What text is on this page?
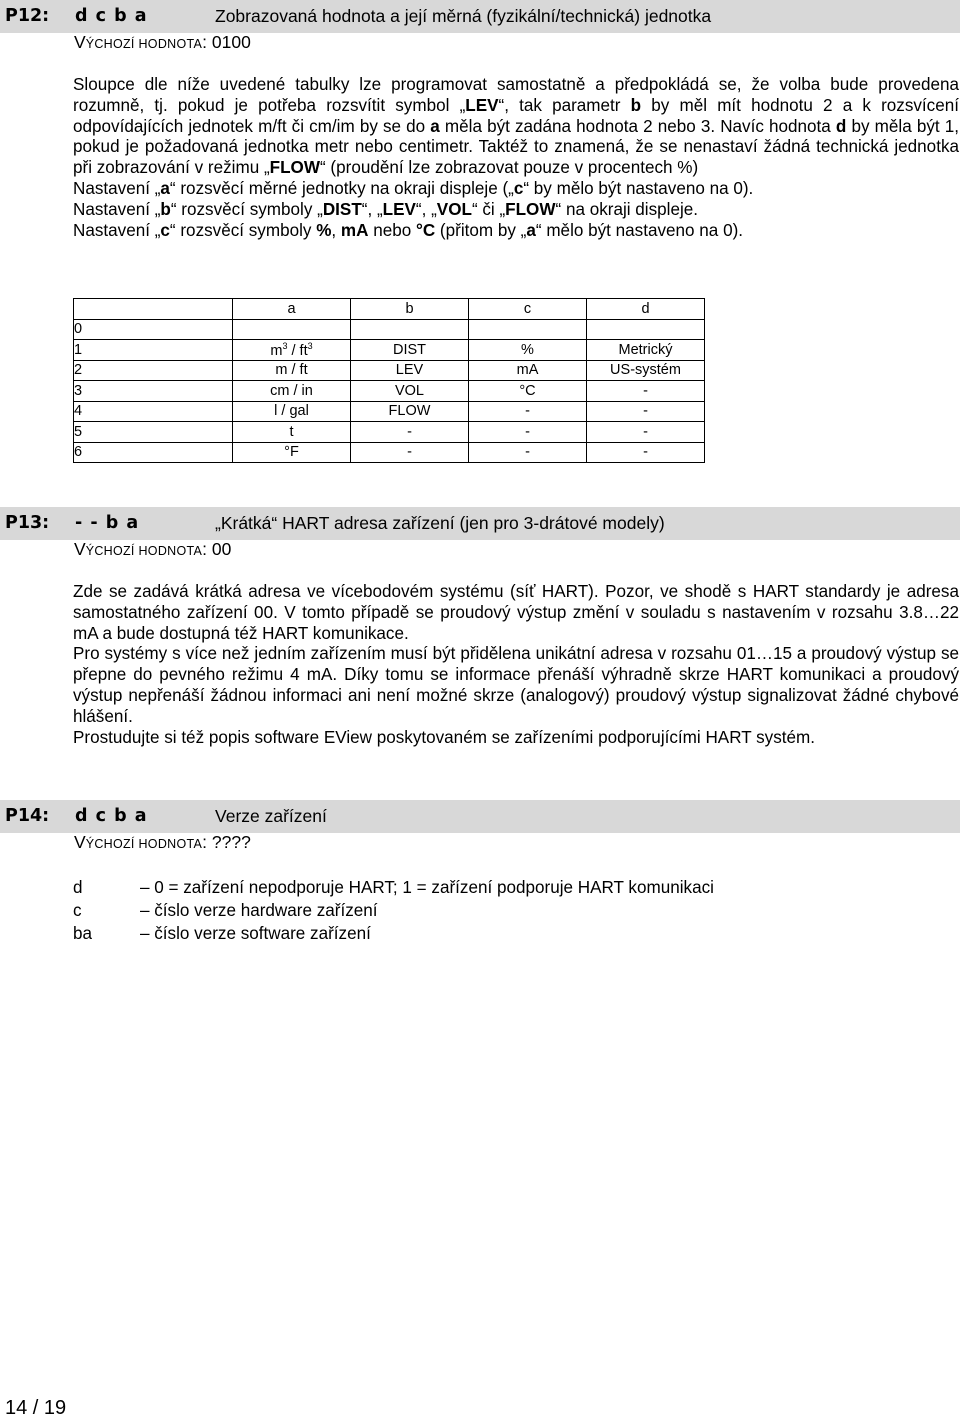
P12: d c b a	Zobrazovaná hodnota a její měrná (fyzikální/technická) jednotka
VÝCHOZÍ HODNOTA: 0100

Sloupce dle níže uvedené tabulky lze programovat samostatně a předpokládá se, že volba bude provedena rozumně, tj. pokud je potřeba rozsvítit symbol „LEV“, tak parametr b by měl mít hodnotu 2 a k rozsvícení odpovídajících jednotek m/ft či cm/im by se do a měla být zadána hodnota 2 nebo 3. Navíc hodnota d by měla být 1, pokud je požadovaná jednotka metr nebo centimetr. Taktéž to znamená, že se nenastaví žádná technická jednotka při zobrazování v režimu „FLOW“ (proudění lze zobrazovat pouze v procentech %)

Nastavení „a“ rozsvěcí měrné jednotky na okraji displeje („c“ by mělo být nastaveno na 0).

Nastavení „b“ rozsvěcí symboly „DIST“, „LEV“, „VOL“ či „FLOW“ na okraji displeje.

Nastavení „c“ rozsvěcí symboly %, mA nebo °C (přitom by „a“ mělo být nastaveno na 0).

	a	b	c	d
0				
1	$m^3 / ft^3$	DIST	%	Metrický
2	m / ft	LEV	mA	US-systém
3	cm / in	VOL	°C	-
4	l / gal	FLOW	-	-
5	t	-	-	-
6	°F	-	-	-
P13: - - b a	„Krátká“ HART adresa zařízení (jen pro 3-drátové modely)
VÝCHOZÍ HODNOTA: 00

Zde se zadává krátká adresa ve vícebodovém systému (síť HART). Pozor, ve shodě s HART standardy je adresa samostatného zařízení 00. V tomto případě se proudový výstup změní v souladu s nastavením v rozsahu 3.8…22 mA a bude dostupná též HART komunikace.

Pro systémy s více než jedním zařízením musí být přidělena unikátní adresa v rozsahu 01…15 a proudový výstup se přepne do pevného režimu 4 mA. Díky tomu se informace přenáší výhradně skrze HART komunikaci a proudový výstup nepřenáší žádnou informaci ani není možné skrze (analogový) proudový výstup signalizovat žádné chybové hlášení.

Prostudujte si též popis software EView poskytovaném se zařízeními podporujícími HART systém.

P14: d c b a	Verze zařízení
VÝCHOZÍ HODNOTA: ????
d	– 0 = zařízení nepodporuje HART; 1 = zařízení podporuje HART komunikaci
c	– číslo verze hardware zařízení
ba	– číslo verze software zařízení
14 / 19
